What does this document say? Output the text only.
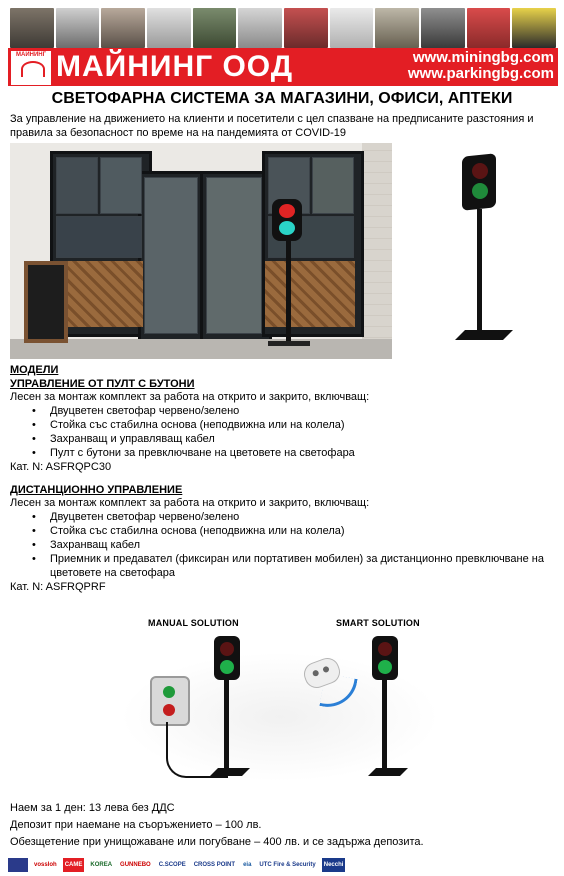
МАЙНИНГ МАЙНИНГ ООД	www.miningbg.com
www.parkingbg.com
СВЕТОФАРНА СИСТЕМА ЗА МАГАЗИНИ, ОФИСИ, АПТЕКИ
За управление на движението на клиенти и посетители с цел спазване на предписаните разстояния и правила за безопасност по време на на пандемията от COVID-19
МОДЕЛИ
УПРАВЛЕНИЕ ОТ ПУЛТ С БУТОНИ
Лесен за монтаж комплект за работа на открито и закрито, включващ:
• Двуцветен светофар червено/зелено
• Стойка със стабилна основа (неподвижна или на колела)
• Захранващ и управляващ кабел
• Пулт с бутони за превключване на цветовете на светофара
Кат. N: ASFRQPC30
ДИСТАНЦИОННО УПРАВЛЕНИЕ
Лесен за монтаж комплект за работа на открито и закрито, включващ:
• Двуцветен светофар червено/зелено
• Стойка със стабилна основа (неподвижна или на колела)
• Захранващ кабел
• Приемник и предавател (фиксиран или портативен мобилен) за дистанционно превключване на цветовете на светофара
Кат. N: ASFRQPRF
MANUAL SOLUTION	SMART SOLUTION
Наем за 1 ден: 13 лева без ДДС
Депозит при наемане на съоръжението – 100 лв.
Обезщетение при унищожаване или погубване – 400 лв. и се задържа депозита.
vossloh	CAME	KOREA	GUNNEBO	C.SCOPE	CROSS POINT	eia	UTC Fire & Security	Necchi
